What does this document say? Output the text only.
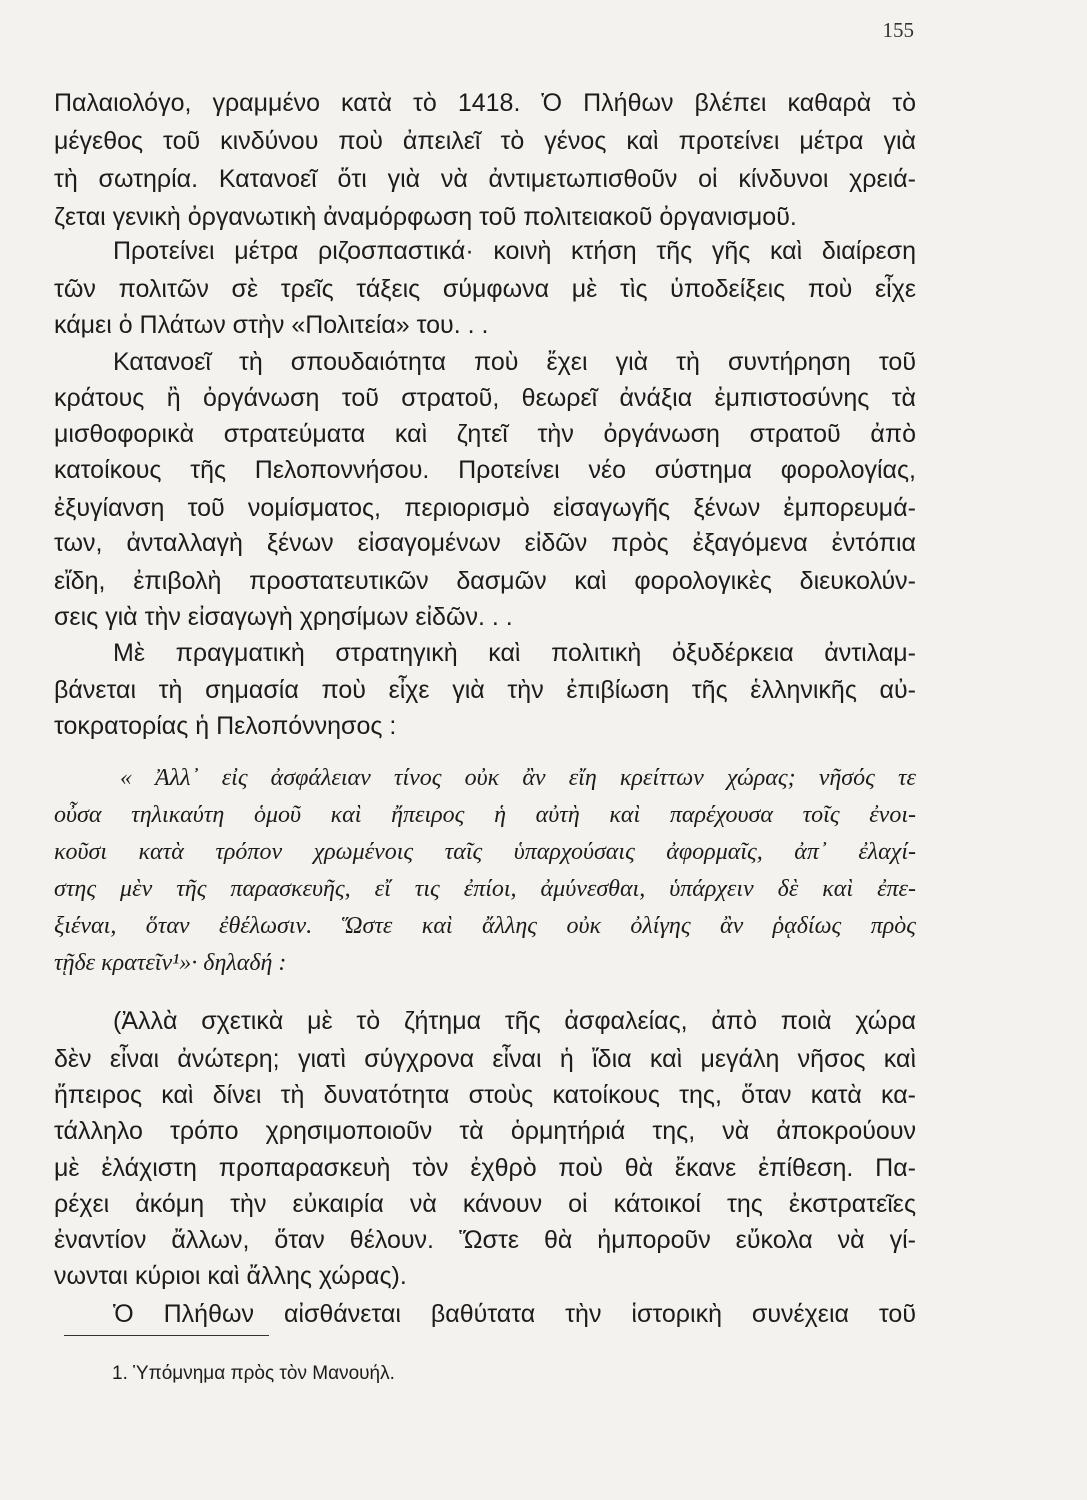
155
Παλαιολόγο, γραμμένο κατὰ τὸ 1418. Ὁ Πλήθων βλέπει καθαρὰ τὸ
μέγεθος τοῦ κινδύνου ποὺ ἀπειλεῖ τὸ γένος καὶ προτείνει μέτρα γιὰ
τὴ σωτηρία. Κατανοεῖ ὅτι γιὰ νὰ ἀντιμετωπισθοῦν οἱ κίνδυνοι χρειά-
ζεται γενικὴ ὀργανωτικὴ ἀναμόρφωση τοῦ πολιτειακοῦ ὀργανισμοῦ.
Προτείνει μέτρα ριζοσπαστικά· κοινὴ κτήση τῆς γῆς καὶ διαίρεση
τῶν πολιτῶν σὲ τρεῖς τάξεις σύμφωνα μὲ τὶς ὑποδείξεις ποὺ εἶχε
κάμει ὁ Πλάτων στὴν «Πολιτεία» του. . .
Κατανοεῖ τὴ σπουδαιότητα ποὺ ἔχει γιὰ τὴ συντήρηση τοῦ
κράτους ἢ ὀργάνωση τοῦ στρατοῦ, θεωρεῖ ἀνάξια ἐμπιστοσύνης τὰ
μισθοφορικὰ στρατεύματα καὶ ζητεῖ τὴν ὀργάνωση στρατοῦ ἀπὸ
κατοίκους τῆς Πελοποννήσου. Προτείνει νέο σύστημα φορολογίας,
ἐξυγίανση τοῦ νομίσματος, περιορισμὸ εἰσαγωγῆς ξένων ἐμπορευμά-
των, ἀνταλλαγὴ ξένων εἰσαγομένων εἰδῶν πρὸς ἐξαγόμενα ἐντόπια
εἴδη, ἐπιβολὴ προστατευτικῶν δασμῶν καὶ φορολογικὲς διευκολύν-
σεις γιὰ τὴν εἰσαγωγὴ χρησίμων εἰδῶν. . .
Μὲ πραγματικὴ στρατηγικὴ καὶ πολιτικὴ ὀξυδέρκεια ἀντιλαμ-
βάνεται τὴ σημασία ποὺ εἶχε γιὰ τὴν ἐπιβίωση τῆς ἑλληνικῆς αὐ-
τοκρατορίας ἡ Πελοπόννησος :
« Ἀλλ᾽ εἰς ἀσφάλειαν τίνος οὐκ ἂν εἴη κρείττων χώρας; νῆσός τε
οὖσα τηλικαύτη ὁμοῦ καὶ ἤπειρος ἡ αὐτὴ καὶ παρέχουσα τοῖς ἐνοι-
κοῦσι κατὰ τρόπον χρωμένοις ταῖς ὑπαρχούσαις ἀφορμαῖς, ἀπ᾽ ἐλαχί-
στης μὲν τῆς παρασκευῆς, εἴ τις ἐπίοι, ἀμύνεσθαι, ὑπάρχειν δὲ καὶ ἐπε-
ξιέναι, ὅταν ἐθέλωσιν. Ὥστε καὶ ἄλλης οὐκ ὀλίγης ἂν ῥᾳδίως πρὸς
τῇδε κρατεῖν¹»· δηλαδή :
(Ἀλλὰ σχετικὰ μὲ τὸ ζήτημα τῆς ἀσφαλείας, ἀπὸ ποιὰ χώρα
δὲν εἶναι ἀνώτερη; γιατὶ σύγχρονα εἶναι ἡ ἴδια καὶ μεγάλη νῆσος καὶ
ἤπειρος καὶ δίνει τὴ δυνατότητα στοὺς κατοίκους της, ὅταν κατὰ κα-
τάλληλο τρόπο χρησιμοποιοῦν τὰ ὁρμητήριά της, νὰ ἀποκρούουν
μὲ ἐλάχιστη προπαρασκευὴ τὸν ἐχθρὸ ποὺ θὰ ἔκανε ἐπίθεση. Πα-
ρέχει ἀκόμη τὴν εὐκαιρία νὰ κάνουν οἱ κάτοικοί της ἐκστρατεῖες
ἐναντίον ἄλλων, ὅταν θέλουν. Ὥστε θὰ ἠμποροῦν εὔκολα νὰ γί-
νωνται κύριοι καὶ ἄλλης χώρας).
Ὁ Πλήθων αἰσθάνεται βαθύτατα τὴν ἱστορικὴ συνέχεια τοῦ
1. Ὑπόμνημα πρὸς τὸν Μανουήλ.
